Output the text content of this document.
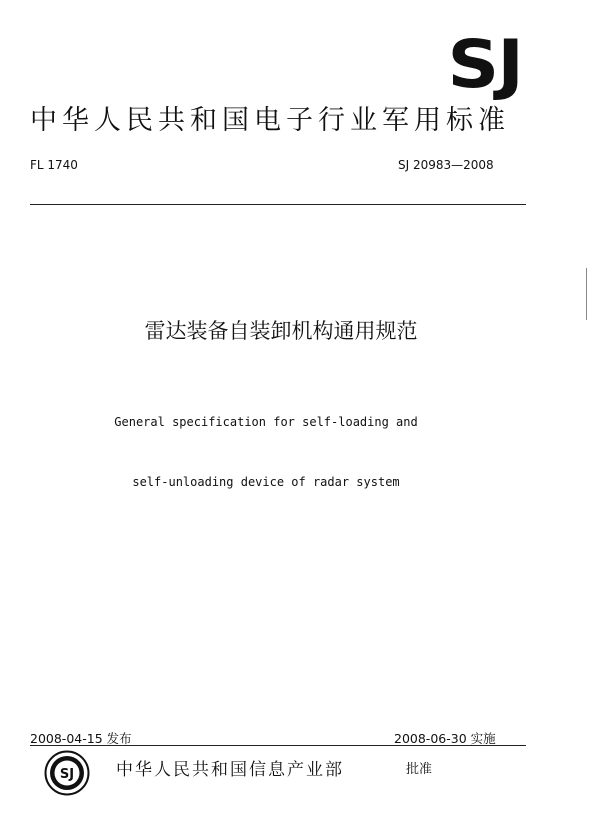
SJ
中华人民共和国电子行业军用标准
FL 1740	SJ 20983—2008
雷达装备自装卸机构通用规范

General specification for self-loading and

self-unloading device of radar system

2008-04-15 发布	2008-06-30 实施
SJ 中华人民共和国信息产业部	批准
